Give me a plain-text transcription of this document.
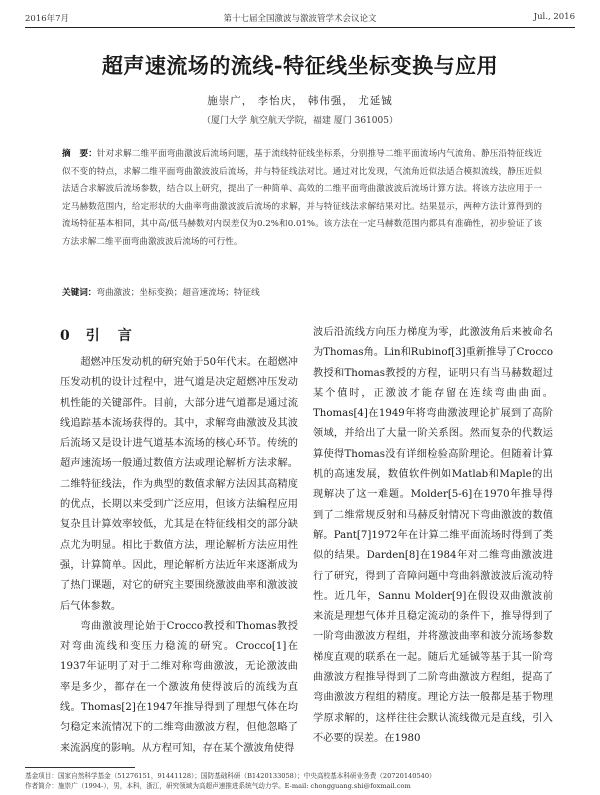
2016年7月	第十七届全国激波与激波管学术会议论文	Jul., 2016
超声速流场的流线-特征线坐标变换与应用
施崇广， 李怡庆， 韩伟强， 尤延铖
（厦门大学 航空航天学院，福建 厦门 361005）
摘　要：针对求解二维平面弯曲激波后流场问题，基于流线特征线坐标系，分别推导二维平面流场内气流角、静压沿特征线近似不变的特点，求解二维平面弯曲激波波后流场，并与特征线法对比。通过对比发现，气流角近似法适合模拟流线，静压近似法适合求解波后流场参数，结合以上研究，提出了一种简单、高效的二维平面弯曲激波波后流场计算方法。将该方法应用于一定马赫数范围内，给定形状的大曲率弯曲激波波后流场的求解，并与特征线法求解结果对比。结果显示，两种方法计算得到的流场特征基本相同，其中高/低马赫数对内误差仅为0.2%和0.01%。该方法在一定马赫数范围内都具有准确性，初步验证了该方法求解二维平面弯曲激波波后流场的可行性。
关键词：弯曲激波；坐标变换；超音速流场；特征线
0 引　言

超燃冲压发动机的研究始于50年代末。在超燃冲压发动机的设计过程中，进气道是决定超燃冲压发动机性能的关键部件。目前，大部分进气道都是通过流线追踪基本流场获得的。其中，求解弯曲激波及其波后流场又是设计进气道基本流场的核心环节。传统的超声速流场一般通过数值方法或理论解析方法求解。二维特征线法，作为典型的数值求解方法因其高精度的优点，长期以来受到广泛应用，但该方法编程应用复杂且计算效率较低，尤其是在特征线相交的部分缺点尤为明显。相比于数值方法，理论解析方法应用性强，计算简单。因此，理论解析方法近年来逐渐成为了热门课题，对它的研究主要围绕激波曲率和激波波后气体参数。

弯曲激波理论始于Crocco教授和Thomas教授对弯曲流线和变压力稳流的研究。Crocco[1]在1937年证明了对于二维对称弯曲激波，无论激波曲率是多少，都存在一个激波角使得波后的流线为直线。Thomas[2]在1947年推导得到了理想气体在均匀稳定来流情况下的二维弯曲激波方程，但他忽略了来流涡度的影响。从方程可知，存在某个激波角使得

波后沿流线方向压力梯度为零，此激波角后来被命名为Thomas角。Lin和Rubinof[3]重新推导了Crocco教授和Thomas教授的方程，证明只有当马赫数超过某个值时，正激波才能存留在连续弯曲曲面。Thomas[4]在1949年将弯曲激波理论扩展到了高阶领域，并给出了大量一阶关系图。然而复杂的代数运算使得Thomas没有详细检验高阶理论。但随着计算机的高速发展，数值软件例如Matlab和Maple的出现解决了这一难题。Molder[5-6]在1970年推导得到了二维常规反射和马赫反射情况下弯曲激波的数值解。Pant[7]1972年在计算二维平面流场时得到了类似的结果。Darden[8]在1984年对二维弯曲激波进行了研究，得到了音障问题中弯曲斜激波波后流动特性。近几年，Sannu Molder[9]在假设双曲激波前来流是理想气体并且稳定流动的条件下，推导得到了一阶弯曲激波方程组，并将激波曲率和波分流场参数梯度直观的联系在一起。随后尤延铖等基于其一阶弯曲激波方程推导得到了二阶弯曲激波方程组，提高了弯曲激波方程组的精度。理论方法一般都是基于物理学原求解的，这样往往会默认流线微元是直线，引入不必要的误差。在1980

基金项目：国家自然科学基金（51276151，91441128）；国防基础科研（B1420133058）；中央高校基本科研业务费（20720140540）
作者简介：施崇广（1994-），男，本科，浙江，研究领域为高超声速推进系统气动力学。E-mail: chongguang.shi@foxmail.com
